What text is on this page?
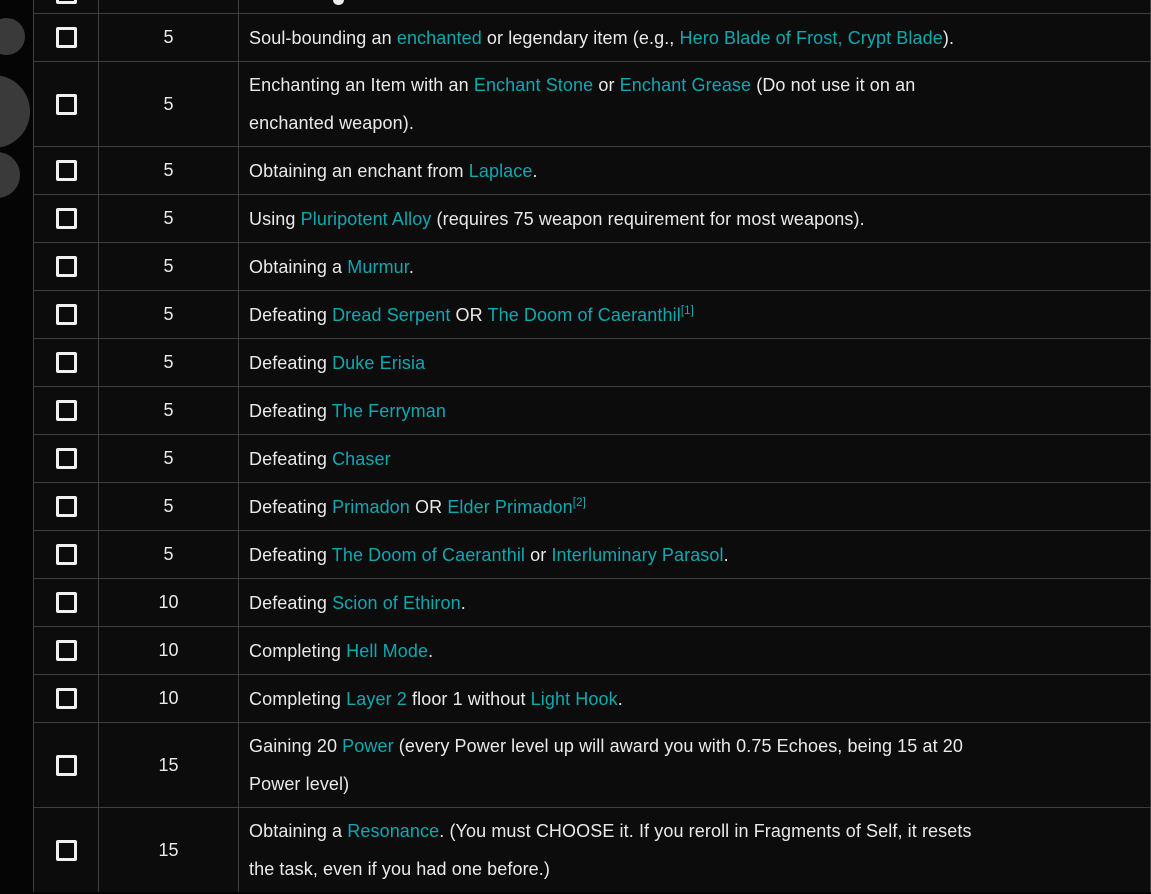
	5	Soul-bounding an enchanted or legendary item (e.g., Hero Blade of Frost, Crypt Blade).
	5	Enchanting an Item with an Enchant Stone or Enchant Grease (Do not use it on an
enchanted weapon).
	5	Obtaining an enchant from Laplace.
	5	Using Pluripotent Alloy (requires 75 weapon requirement for most weapons).
	5	Obtaining a Murmur.
	5	Defeating Dread Serpent OR The Doom of Caeranthil[1]
	5	Defeating Duke Erisia
	5	Defeating The Ferryman
	5	Defeating Chaser
	5	Defeating Primadon OR Elder Primadon[2]
	5	Defeating The Doom of Caeranthil or Interluminary Parasol.
	10	Defeating Scion of Ethiron.
	10	Completing Hell Mode.
	10	Completing Layer 2 floor 1 without Light Hook.
	15	Gaining 20 Power (every Power level up will award you with 0.75 Echoes, being 15 at 20
Power level)
	15	Obtaining a Resonance. (You must CHOOSE it. If you reroll in Fragments of Self, it resets
the task, even if you had one before.)
